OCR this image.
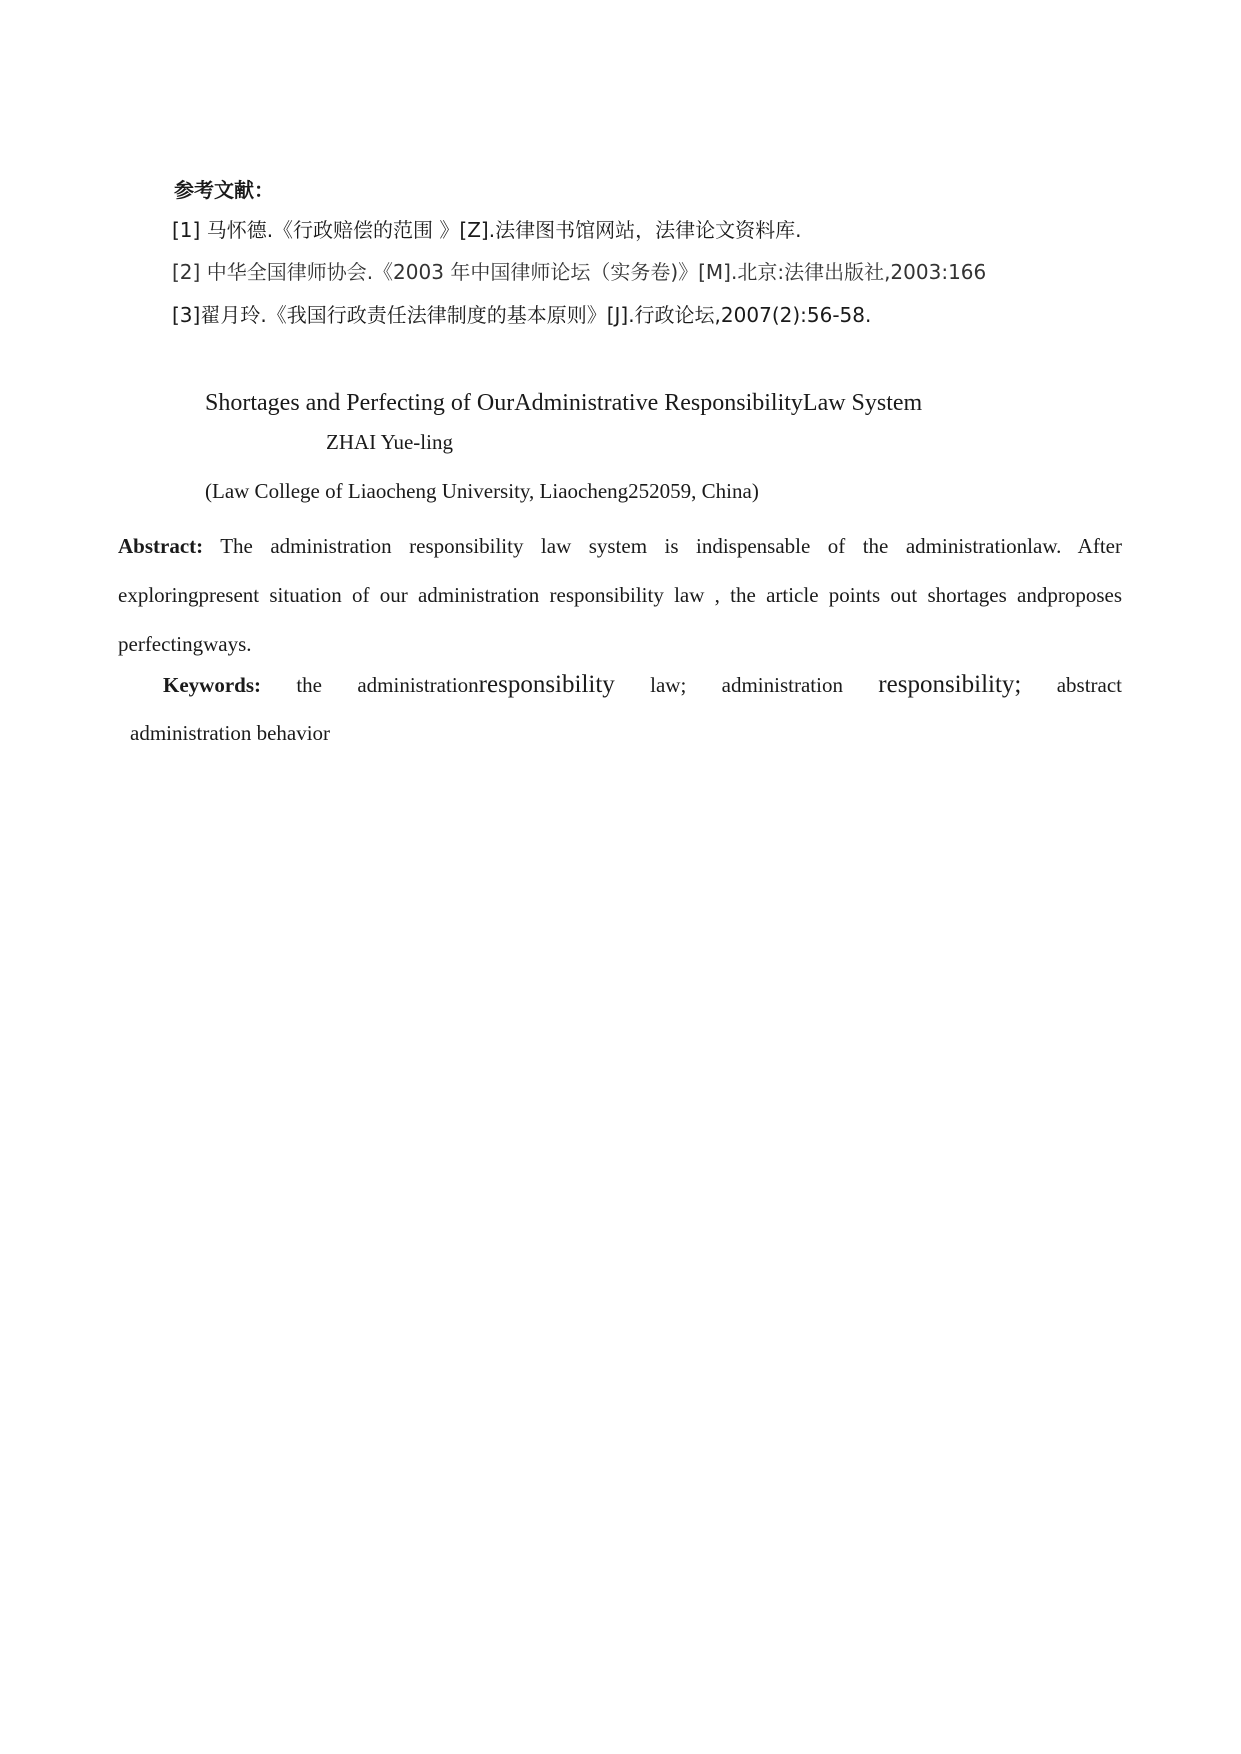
参考文献：
[1] 马怀德.《行政赔偿的范围 》[Z].法律图书馆网站，法律论文资料库.
[2] 中华全国律师协会.《2003 年中国律师论坛（实务卷)》[M].北京:法律出版社,2003:166
[3]翟月玲.《我国行政责任法律制度的基本原则》[J].行政论坛,2007(2):56-58.
Shortages and Perfecting of OurAdministrative ResponsibilityLaw System
ZHAI Yue-ling
(Law College of Liaocheng University, Liaocheng252059, China)
Abstract: The administration responsibility law system is indispensable of the administrationlaw. After exploringpresent situation of our administration responsibility law , the article points out shortages andproposes perfectingways.
Keywords: the administrationresponsibility law; administration responsibility; abstract
administration behavior
